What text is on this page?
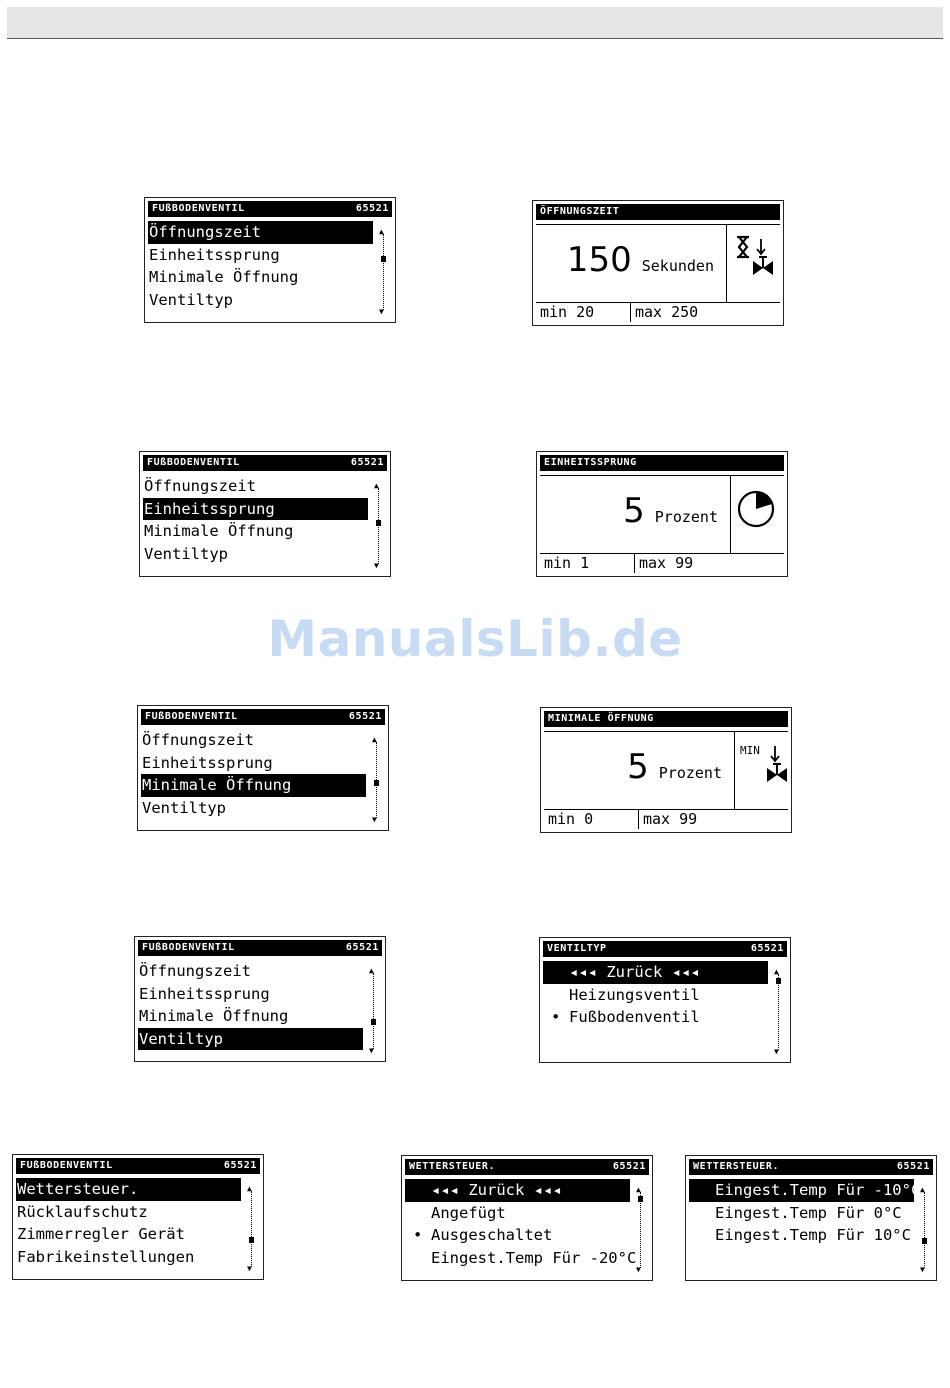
ManualsLib.de
FUßBODENVENTIL	65521
Öffnungszeit
Einheitssprung
Minimale Öffnung
Ventiltyp
▲
▼
ÖFFNUNGSZEIT
150 Sekunden
min 20	max 250
FUßBODENVENTIL	65521
Öffnungszeit
Einheitssprung
Minimale Öffnung
Ventiltyp
▲
▼
EINHEITSSPRUNG
5 Prozent
min 1	max 99
FUßBODENVENTIL	65521
Öffnungszeit
Einheitssprung
Minimale Öffnung
Ventiltyp
▲
▼
MINIMALE ÖFFNUNG
5 Prozent
MIN
min 0	max 99
FUßBODENVENTIL	65521
Öffnungszeit
Einheitssprung
Minimale Öffnung
Ventiltyp
▲
▼
VENTILTYP	65521
◂◂◂ Zurück ◂◂◂
Heizungsventil
• Fußbodenventil
▲
▼
FUßBODENVENTIL	65521
Wettersteuer.
Rücklaufschutz
Zimmerregler Gerät
Fabrikeinstellungen
▲
▼
WETTERSTEUER.	65521
◂◂◂ Zurück ◂◂◂
Angefügt
• Ausgeschaltet
Eingest.Temp Für -20°C
▲
▼
WETTERSTEUER.	65521
Eingest.Temp Für -10°C
Eingest.Temp Für 0°C
Eingest.Temp Für 10°C
▲
▼
